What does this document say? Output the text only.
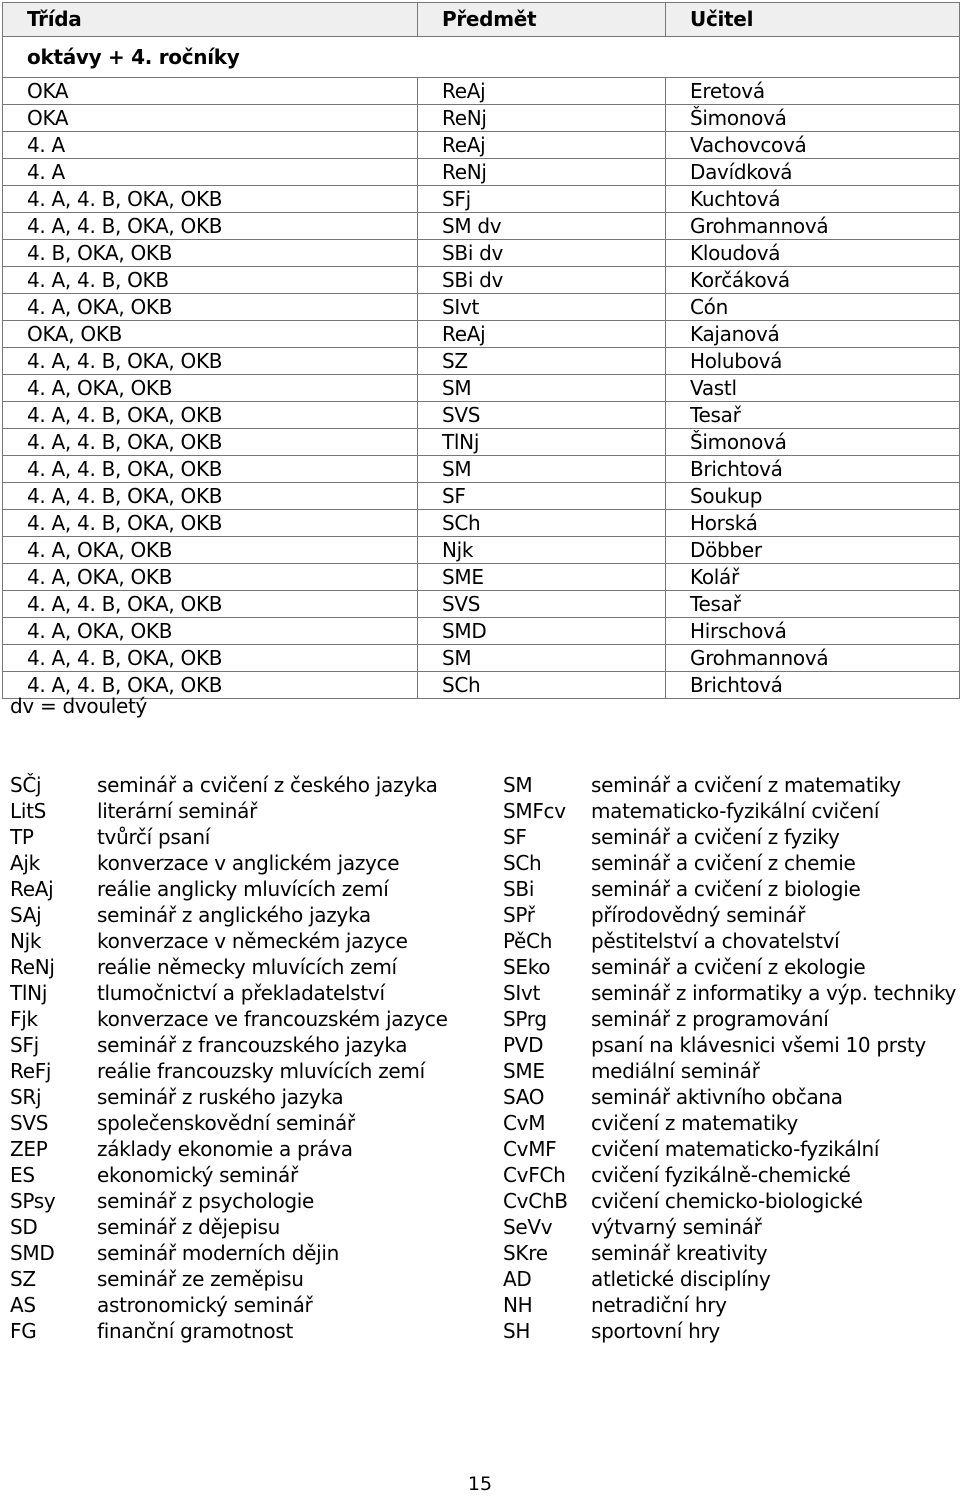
Třída	Předmět	Učitel
oktávy + 4. ročníky		
OKA	ReAj	Eretová
OKA	ReNj	Šimonová
4. A	ReAj	Vachovcová
4. A	ReNj	Davídková
4. A, 4. B, OKA, OKB	SFj	Kuchtová
4. A, 4. B, OKA, OKB	SM dv	Grohmannová
4. B, OKA, OKB	SBi dv	Kloudová
4. A, 4. B, OKB	SBi dv	Korčáková
4. A, OKA, OKB	SIvt	Cón
OKA, OKB	ReAj	Kajanová
4. A, 4. B, OKA, OKB	SZ	Holubová
4. A, OKA, OKB	SM	Vastl
4. A, 4. B, OKA, OKB	SVS	Tesař
4. A, 4. B, OKA, OKB	TlNj	Šimonová
4. A, 4. B, OKA, OKB	SM	Brichtová
4. A, 4. B, OKA, OKB	SF	Soukup
4. A, 4. B, OKA, OKB	SCh	Horská
4. A, OKA, OKB	Njk	Döbber
4. A, OKA, OKB	SME	Kolář
4. A, 4. B, OKA, OKB	SVS	Tesař
4. A, OKA, OKB	SMD	Hirschová
4. A, 4. B, OKA, OKB	SM	Grohmannová
4. A, 4. B, OKA, OKB	SCh	Brichtová
dv = dvouletý
SČj	seminář a cvičení z českého jazyka
LitS	literární seminář
TP	tvůrčí psaní
Ajk	konverzace v anglickém jazyce
ReAj reálie anglicky mluvících zemí
SAj	seminář z anglického jazyka
Njk	konverzace v německém jazyce
ReNj reálie německy mluvících zemí
TlNj tlumočnictví a překladatelství
Fjk	konverzace ve francouzském jazyce
SFj	seminář z francouzského jazyka
ReFj reálie francouzsky mluvících zemí
SRj	seminář z ruského jazyka
SVS společenskovědní seminář
ZEP základy ekonomie a práva
ES	ekonomický seminář
SPsy seminář z psychologie
SD	seminář z dějepisu
SMD seminář moderních dějin
SZ	seminář ze zeměpisu
AS	astronomický seminář
FG	finanční gramotnost
SM	seminář a cvičení z matematiky
SMFcv matematicko-fyzikální cvičení
SF	seminář a cvičení z fyziky
SCh seminář a cvičení z chemie
SBi	seminář a cvičení z biologie
SPř	přírodovědný seminář
PěCh pěstitelství a chovatelství
SEko seminář a cvičení z ekologie
SIvt	seminář z informatiky a výp. techniky
SPrg seminář z programování
PVD psaní na klávesnici všemi 10 prsty
SME mediální seminář
SAO seminář aktivního občana
CvM cvičení z matematiky
CvMF cvičení matematicko-fyzikální
CvFCh cvičení fyzikálně-chemické
CvChB cvičení chemicko-biologické
SeVv výtvarný seminář
SKre seminář kreativity
AD	atletické disciplíny
NH	netradiční hry
SH	sportovní hry
15
